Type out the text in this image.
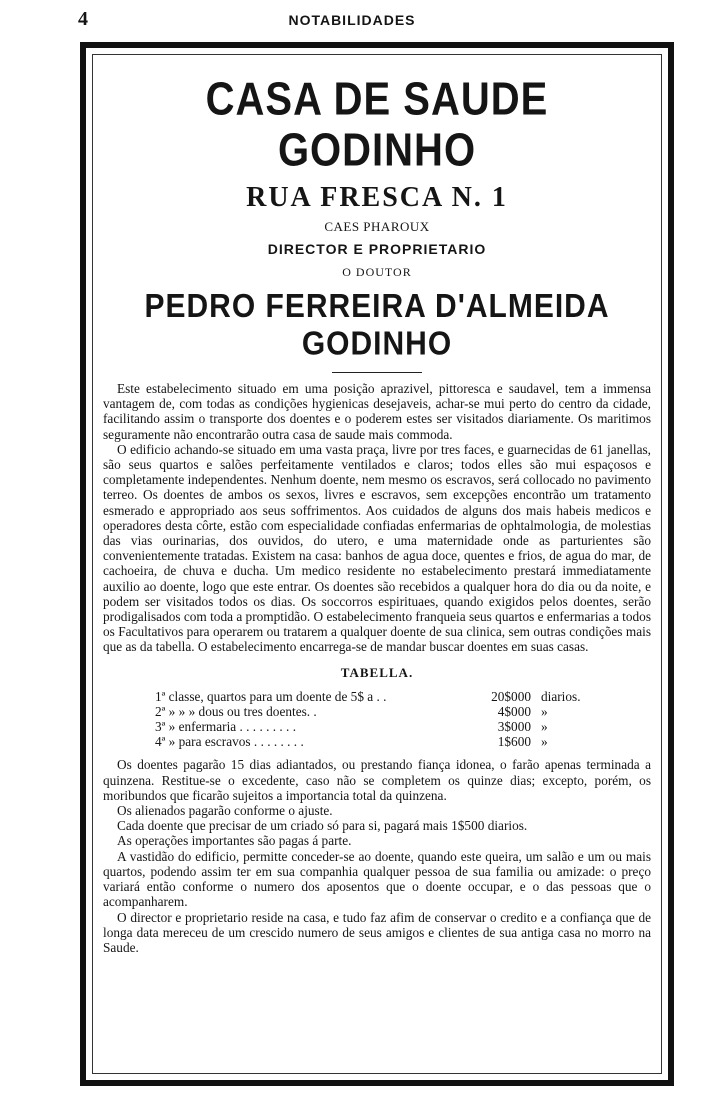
4	NOTABILIDADES
CASA DE SAUDE GODINHO
RUA FRESCA N. 1
CAES PHAROUX
DIRECTOR E PROPRIETARIO
O DOUTOR
PEDRO FERREIRA D'ALMEIDA GODINHO

Este estabelecimento situado em uma posição aprazivel, pittoresca e saudavel, tem a immensa vantagem de, com todas as condições hygienicas desejaveis, achar-se mui perto do centro da cidade, facilitando assim o transporte dos doentes e o poderem estes ser visitados diariamente. Os maritimos seguramente não encontrarão outra casa de saude mais commoda.

O edificio achando-se situado em uma vasta praça, livre por tres faces, e guarnecidas de 61 janellas, são seus quartos e salões perfeitamente ventilados e claros; todos elles são mui espaçosos e completamente independentes. Nenhum doente, nem mesmo os escravos, será collocado no pavimento terreo. Os doentes de ambos os sexos, livres e escravos, sem excepções encontrão um tratamento esmerado e appropriado aos seus soffrimentos. Aos cuidados de alguns dos mais habeis medicos e operadores desta côrte, estão com especialidade confiadas enfermarias de ophtalmologia, de molestias das vias ourinarias, dos ouvidos, do utero, e uma maternidade onde as parturientes são convenientemente tratadas. Existem na casa: banhos de agua doce, quentes e frios, de agua do mar, de cachoeira, de chuva e ducha. Um medico residente no estabelecimento prestará immediatamente auxilio ao doente, logo que este entrar. Os doentes são recebidos a qualquer hora do dia ou da noite, e podem ser visitados todos os dias. Os soccorros espirituaes, quando exigidos pelos doentes, serão prodigalisados com toda a promptidão. O estabelecimento franqueia seus quartos e enfermarias a todos os Facultativos para operarem ou tratarem a qualquer doente de sua clinica, sem outras condições mais que as da tabella. O estabelecimento encarrega-se de mandar buscar doentes em suas casas.

TABELLA.
1ª classe, quartos para um doente de 5$ a . .	20$000 diarios.
2ª » » » dous ou tres doentes. .	4$000 »
3ª » enfermaria . . . . . . . . .	3$000 »
4ª » para escravos . . . . . . . .	1$600 »

Os doentes pagarão 15 dias adiantados, ou prestando fiança idonea, o farão apenas terminada a quinzena. Restitue-se o excedente, caso não se completem os quinze dias; excepto, porém, os moribundos que ficarão sujeitos a importancia total da quinzena.

Os alienados pagarão conforme o ajuste.

Cada doente que precisar de um criado só para si, pagará mais 1$500 diarios.

As operações importantes são pagas á parte.

A vastidão do edificio, permitte conceder-se ao doente, quando este queira, um salão e um ou mais quartos, podendo assim ter em sua companhia qualquer pessoa de sua familia ou amizade: o preço variará então conforme o numero dos aposentos que o doente occupar, e o das pessoas que o acompanharem.

O director e proprietario reside na casa, e tudo faz afim de conservar o credito e a confiança que de longa data mereceu de um crescido numero de seus amigos e clientes de sua antiga casa no morro na Saude.
